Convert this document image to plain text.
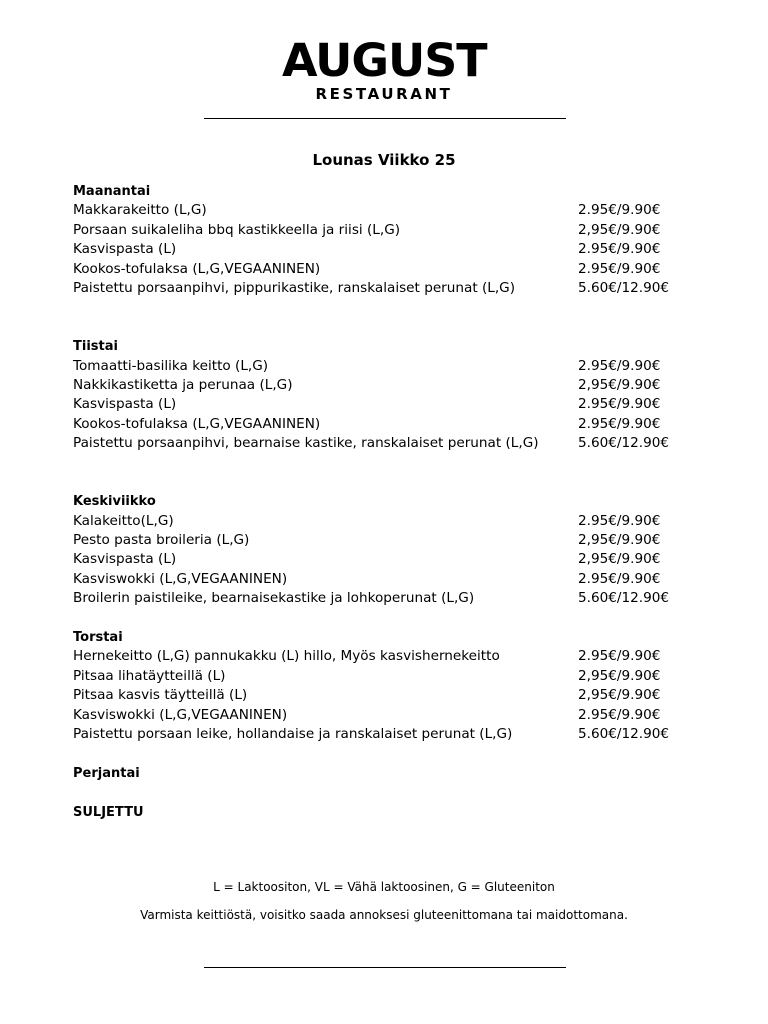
AUGUST
RESTAURANT
Lounas Viikko 25
Maanantai
Makkarakeitto (L,G)	2.95€/9.90€
Porsaan suikaleliha bbq kastikkeella ja riisi (L,G)	2,95€/9.90€
Kasvispasta (L)	2.95€/9.90€
Kookos-tofulaksa (L,G,VEGAANINEN)	2.95€/9.90€
Paistettu porsaanpihvi, pippurikastike, ranskalaiset perunat (L,G)	5.60€/12.90€
Tiistai
Tomaatti-basilika keitto (L,G)	2.95€/9.90€
Nakkikastiketta ja perunaa (L,G)	2,95€/9.90€
Kasvispasta (L)	2.95€/9.90€
Kookos-tofulaksa (L,G,VEGAANINEN)	2.95€/9.90€
Paistettu porsaanpihvi, bearnaise kastike, ranskalaiset perunat (L,G)	5.60€/12.90€
Keskiviikko
Kalakeitto(L,G)	2.95€/9.90€
Pesto pasta broileria (L,G)	2,95€/9.90€
Kasvispasta (L)	2,95€/9.90€
Kasviswokki (L,G,VEGAANINEN)	2.95€/9.90€
Broilerin paistileike, bearnaisekastike ja lohkoperunat (L,G)	5.60€/12.90€
Torstai
Hernekeitto (L,G) pannukakku (L) hillo, Myös kasvishernekeitto	2.95€/9.90€
Pitsaa lihatäytteillä (L)	2,95€/9.90€
Pitsaa kasvis täytteillä (L)	2,95€/9.90€
Kasviswokki (L,G,VEGAANINEN)	2.95€/9.90€
Paistettu porsaan leike, hollandaise ja ranskalaiset perunat (L,G)	5.60€/12.90€
Perjantai
SULJETTU
L = Laktoositon, VL = Vähä laktoosinen, G = Gluteeniton
Varmista keittiöstä, voisitko saada annoksesi gluteenittomana tai maidottomana.
